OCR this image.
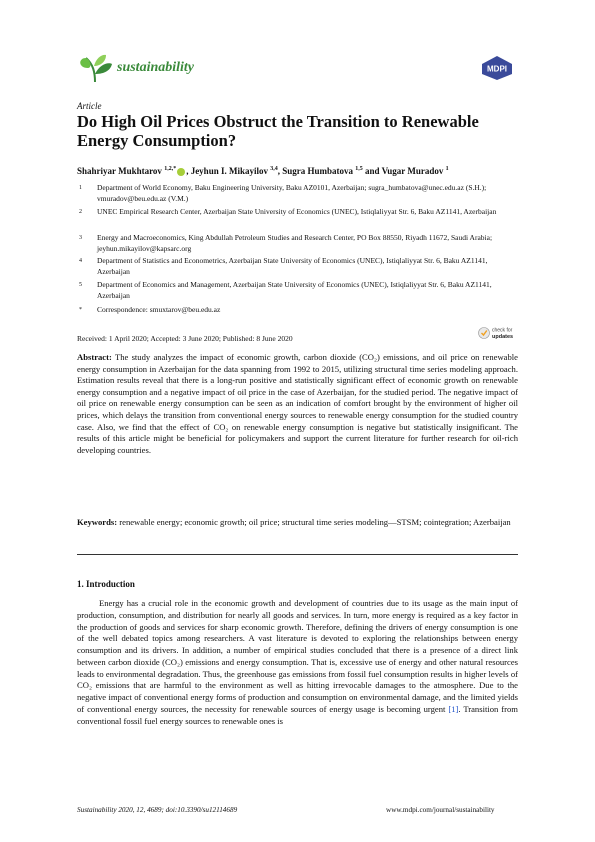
sustainability	MDPI
Article
Do High Oil Prices Obstruct the Transition to Renewable Energy Consumption?
Shahriyar Mukhtarov $^{1,2,*}$ , Jeyhun I. Mikayilov $^{3,4}$, Sugra Humbatova $^{1,5}$ and Vugar Muradov $^1$
1 Department of World Economy, Baku Engineering University, Baku AZ0101, Azerbaijan; sugra_humbatova@unec.edu.az (S.H.); vmuradov@beu.edu.az (V.M.)
2 UNEC Empirical Research Center, Azerbaijan State University of Economics (UNEC), Istiqlaliyyat Str. 6, Baku AZ1141, Azerbaijan
3 Energy and Macroeconomics, King Abdullah Petroleum Studies and Research Center, PO Box 88550, Riyadh 11672, Saudi Arabia; jeyhun.mikayilov@kapsarc.org
4 Department of Statistics and Econometrics, Azerbaijan State University of Economics (UNEC), Istiqlaliyyat Str. 6, Baku AZ1141, Azerbaijan
5 Department of Economics and Management, Azerbaijan State University of Economics (UNEC), Istiqlaliyyat Str. 6, Baku AZ1141, Azerbaijan
* Correspondence: smuxtarov@beu.edu.az
Received: 1 April 2020; Accepted: 3 June 2020; Published: 8 June 2020
check for
updates
Abstract: The study analyzes the impact of economic growth, carbon dioxide (CO₂) emissions, and oil price on renewable energy consumption in Azerbaijan for the data spanning from 1992 to 2015, utilizing structural time series modeling approach. Estimation results reveal that there is a long-run positive and statistically significant effect of economic growth on renewable energy consumption and a negative impact of oil price in the case of Azerbaijan, for the studied period. The negative impact of oil price on renewable energy consumption can be seen as an indication of comfort brought by the environment of higher oil prices, which delays the transition from conventional energy sources to renewable energy consumption for the studied country case. Also, we find that the effect of CO₂ on renewable energy consumption is negative but statistically insignificant. The results of this article might be beneficial for policymakers and support the current literature for further research for oil-rich developing countries.
Keywords: renewable energy; economic growth; oil price; structural time series modeling—STSM; cointegration; Azerbaijan
1. Introduction
Energy has a crucial role in the economic growth and development of countries due to its usage as the main input of production, consumption, and distribution for nearly all goods and services. In turn, more energy is required as a key factor in the production of goods and services for sharp economic growth. Therefore, defining the drivers of energy consumption is one of the well debated topics among researchers. A vast literature is devoted to exploring the relationships between energy consumption and its drivers. In addition, a number of empirical studies concluded that there is a presence of a direct link between carbon dioxide (CO₂) emissions and energy consumption. That is, excessive use of energy and other natural resources leads to environmental degradation. Thus, the greenhouse gas emissions from fossil fuel consumption results in higher levels of CO₂ emissions that are harmful to the environment as well as hitting irrevocable damages to the atmosphere. Due to the negative impact of conventional energy forms of production and consumption on environmental damage, and the limited yields of conventional energy sources, the necessity for renewable sources of energy usage is becoming urgent [1]. Transition from conventional fossil fuel energy sources to renewable ones is
Sustainability 2020, 12, 4689; doi:10.3390/su12114689	www.mdpi.com/journal/sustainability
